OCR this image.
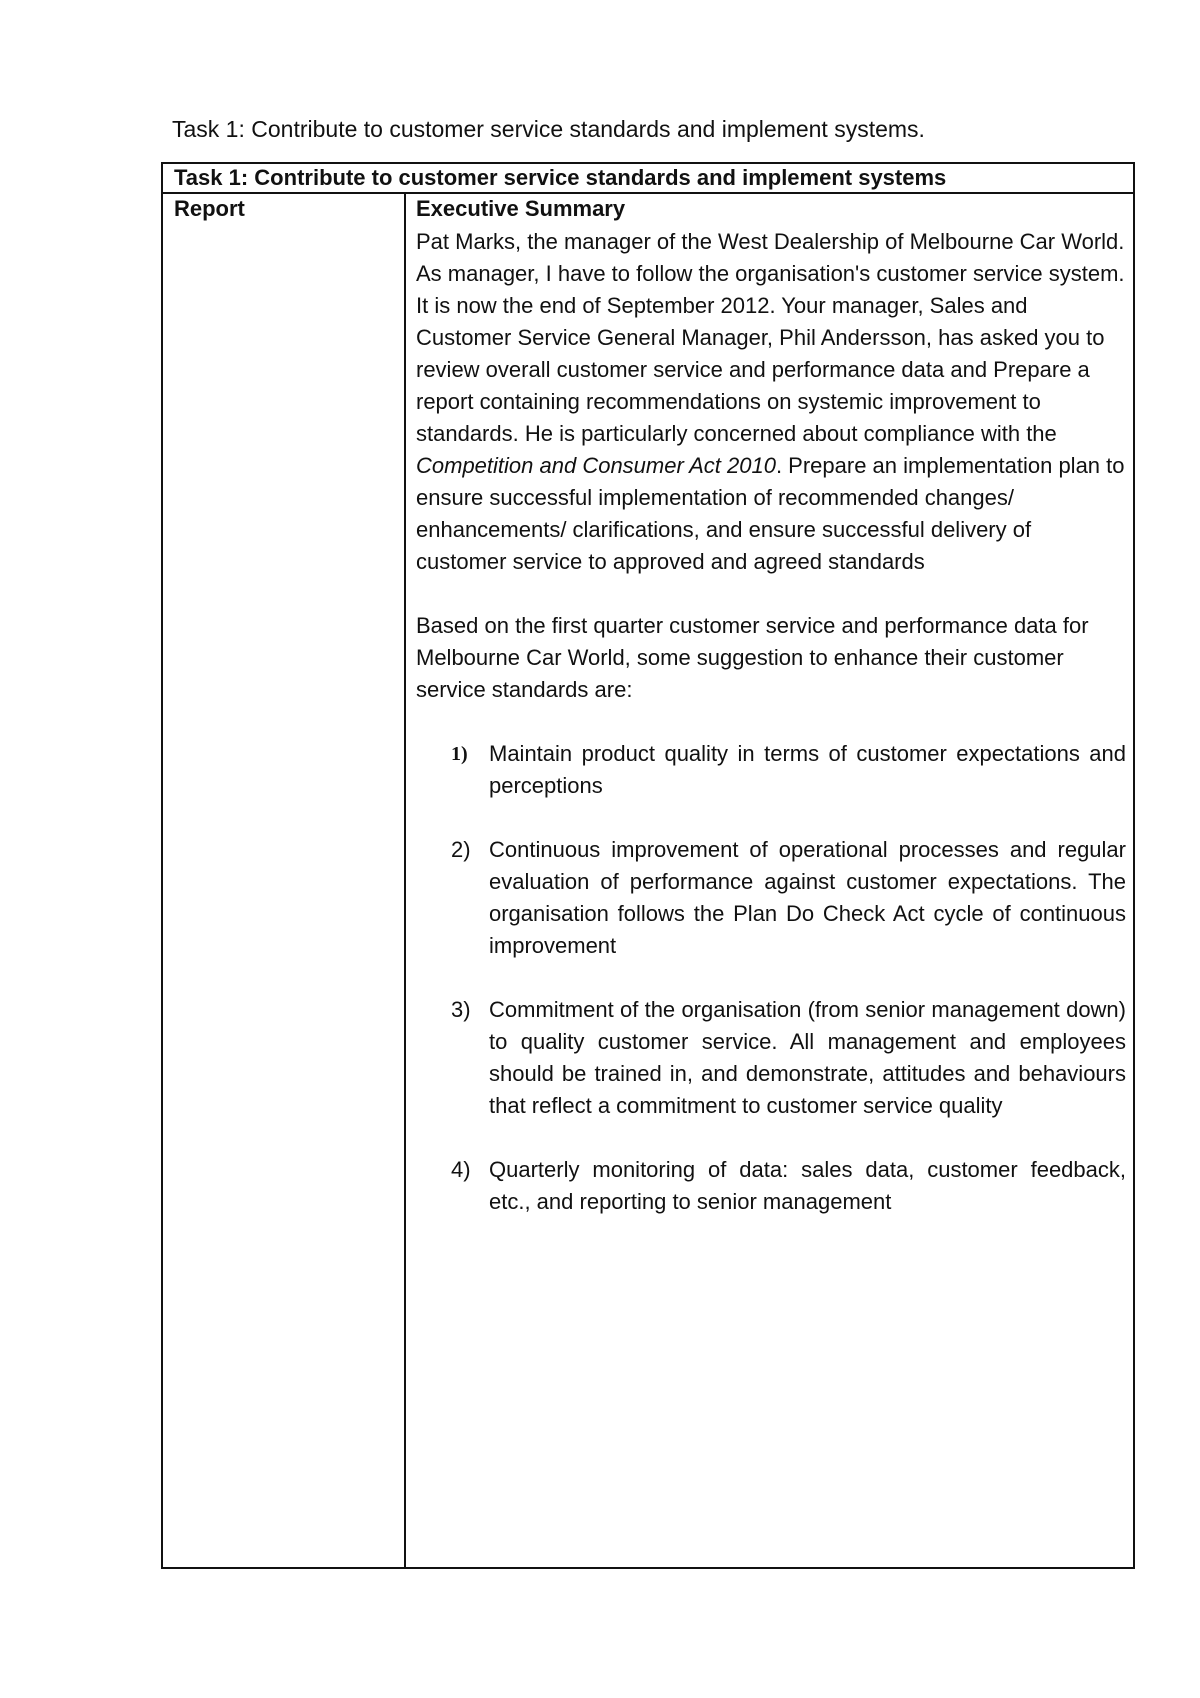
Task 1: Contribute to customer service standards and implement systems.
Task 1: Contribute to customer service standards and implement systems
Report	Executive Summary

Pat Marks, the manager of the West Dealership of Melbourne Car World. As manager, I have to follow the organisation's customer service system. It is now the end of September 2012. Your manager, Sales and Customer Service General Manager, Phil Andersson, has asked you to review overall customer service and performance data and Prepare a report containing recommendations on systemic improvement to standards. He is particularly concerned about compliance with the Competition and Consumer Act 2010. Prepare an implementation plan to ensure successful implementation of recommended changes/ enhancements/ clarifications, and ensure successful delivery of customer service to approved and agreed standards

Based on the first quarter customer service and performance data for Melbourne Car World, some suggestion to enhance their customer service standards are:

1) Maintain product quality in terms of customer expectations and perceptions
2) Continuous improvement of operational processes and regular evaluation of performance against customer expectations. The organisation follows the Plan Do Check Act cycle of continuous improvement
3) Commitment of the organisation (from senior management down) to quality customer service. All management and employees should be trained in, and demonstrate, attitudes and behaviours that reflect a commitment to customer service quality
4) Quarterly monitoring of data: sales data, customer feedback, etc., and reporting to senior management
